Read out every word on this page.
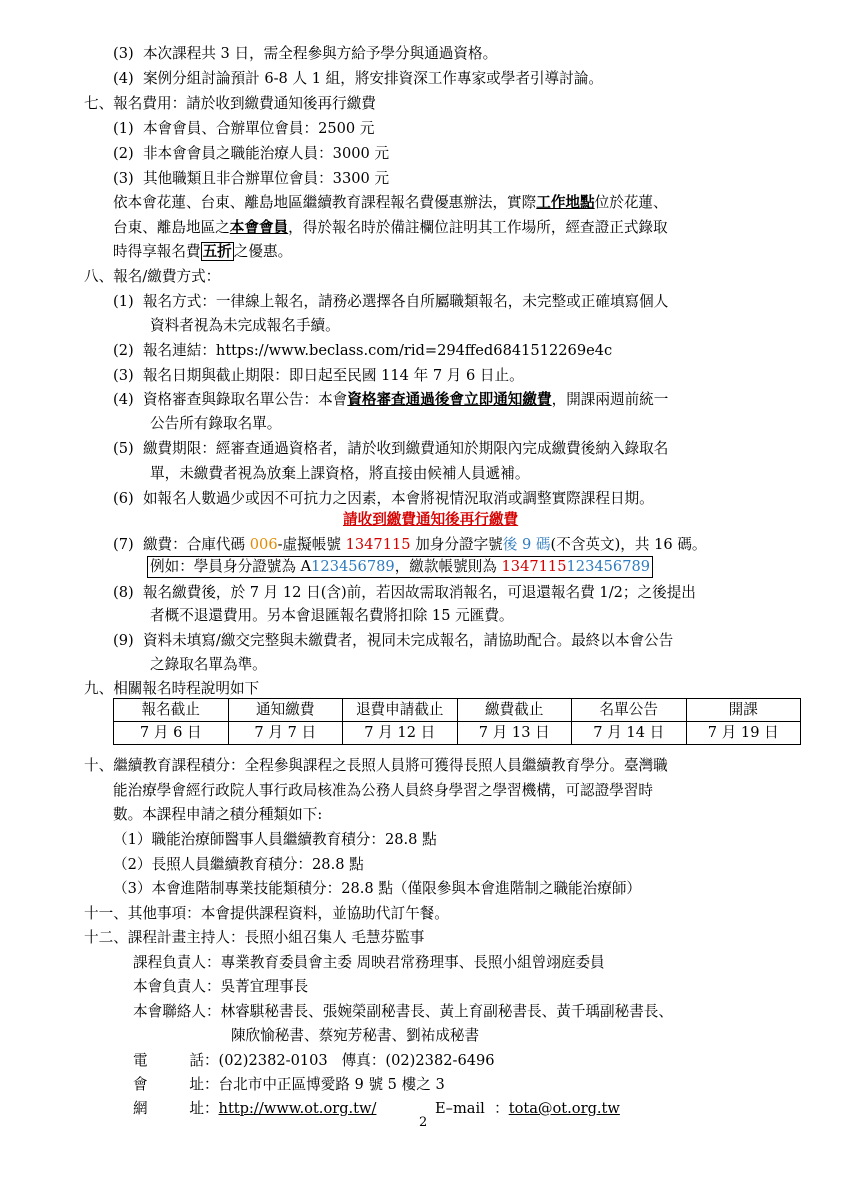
(3)  本次課程共 3 日，需全程參與方給予學分與通過資格。
(4)  案例分組討論預計 6-8 人 1 組，將安排資深工作專家或學者引導討論。
七、報名費用：請於收到繳費通知後再行繳費
(1)  本會會員、合辦單位會員：2500 元
(2)  非本會會員之職能治療人員：3000 元
(3)  其他職類且非合辦單位會員：3300 元
依本會花蓮、台東、離島地區繼續教育課程報名費優惠辦法，實際工作地點位於花蓮、
台東、離島地區之本會會員，得於報名時於備註欄位註明其工作場所，經查證正式錄取
時得享報名費 五折 之優惠。
八、報名/繳費方式：
(1)  報名方式：一律線上報名，請務必選擇各自所屬職類報名，未完整或正確填寫個人
資料者視為未完成報名手續。
(2)  報名連結：https://www.beclass.com/rid=294ffed6841512269e4c
(3)  報名日期與截止期限：即日起至民國 114 年 7 月 6 日止。
(4)  資格審查與錄取名單公告：本會資格審查通過後會立即通知繳費，開課兩週前統一
公告所有錄取名單。
(5)  繳費期限：經審查通過資格者，請於收到繳費通知於期限內完成繳費後納入錄取名
單，未繳費者視為放棄上課資格，將直接由候補人員遞補。
(6)  如報名人數過少或因不可抗力之因素，本會將視情況取消或調整實際課程日期。
請收到繳費通知後再行繳費
(7)  繳費：合庫代碼 006-虛擬帳號 1347115 加身分證字號後 9 碼(不含英文)，共 16 碼。
例如：學員身分證號為 A123456789，繳款帳號則為 1347115123456789
(8)  報名繳費後，於 7 月 12 日(含)前，若因故需取消報名，可退還報名費 1/2；之後提出
者概不退還費用。另本會退匯報名費將扣除 15 元匯費。
(9)  資料未填寫/繳交完整與未繳費者，視同未完成報名，請協助配合。最終以本會公告
之錄取名單為準。
九、相關報名時程說明如下
報名截止	通知繳費	退費申請截止	繳費截止	名單公告	開課
7 月 6 日	7 月 7 日	7 月 12 日	7 月 13 日	7 月 14 日	7 月 19 日
十、繼續教育課程積分：全程參與課程之長照人員將可獲得長照人員繼續教育學分。臺灣職
能治療學會經行政院人事行政局核准為公務人員終身學習之學習機構，可認證學習時
數。本課程申請之積分種類如下:
（1）職能治療師醫事人員繼續教育積分：28.8 點
（2）長照人員繼續教育積分：28.8 點
（3）本會進階制專業技能類積分：28.8 點（僅限參與本會進階制之職能治療師）
十一、其他事項：本會提供課程資料，並協助代訂午餐。
十二、課程計畫主持人：長照小組召集人 毛慧芬監事
課程負責人：專業教育委員會主委 周映君常務理事、長照小組曾翊庭委員
本會負責人：吳菁宜理事長
本會聯絡人：林睿騏秘書長、張婉榮副秘書長、黃上育副秘書長、黃千瑀副秘書長、
陳欣愉秘書、蔡宛芳秘書、劉祐成秘書
電         話：(02)2382-0103   傳真：(02)2382-6496
會         址：台北市中正區博愛路 9 號 5 樓之 3
網         址：http://www.ot.org.tw/	E–mail  ：tota@ot.org.tw
2
